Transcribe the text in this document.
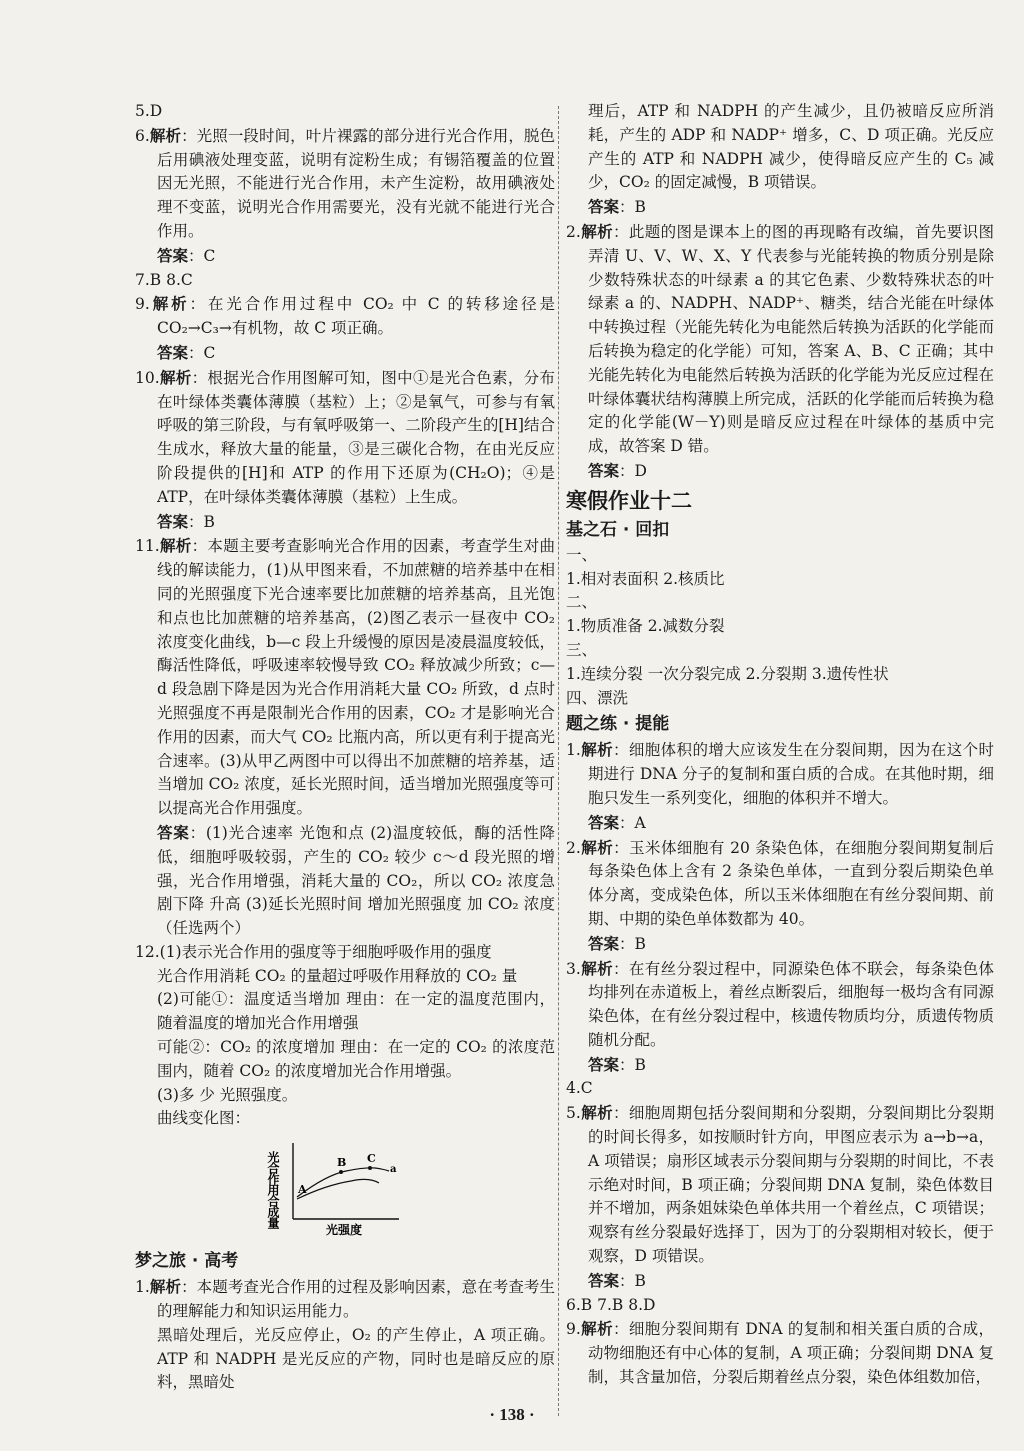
5.D

6.解析：光照一段时间，叶片裸露的部分进行光合作用，脱色后用碘液处理变蓝，说明有淀粉生成；有锡箔覆盖的位置因无光照，不能进行光合作用，未产生淀粉，故用碘液处理不变蓝，说明光合作用需要光，没有光就不能进行光合作用。

答案：C

7.B 8.C

9.解析：在光合作用过程中 CO₂ 中 C 的转移途径是 CO₂→C₃→有机物，故 C 项正确。

答案：C

10.解析：根据光合作用图解可知，图中①是光合色素，分布在叶绿体类囊体薄膜（基粒）上；②是氧气，可参与有氧呼吸的第三阶段，与有氧呼吸第一、二阶段产生的[H]结合生成水，释放大量的能量，③是三碳化合物，在由光反应阶段提供的[H]和 ATP 的作用下还原为(CH₂O)；④是 ATP，在叶绿体类囊体薄膜（基粒）上生成。

答案：B

11.解析：本题主要考查影响光合作用的因素，考查学生对曲线的解读能力，(1)从甲图来看，不加蔗糖的培养基中在相同的光照强度下光合速率要比加蔗糖的培养基高，且光饱和点也比加蔗糖的培养基高，(2)图乙表示一昼夜中 CO₂ 浓度变化曲线，b—c 段上升缓慢的原因是凌晨温度较低，酶活性降低，呼吸速率较慢导致 CO₂ 释放减少所致；c—d 段急剧下降是因为光合作用消耗大量 CO₂ 所致，d 点时光照强度不再是限制光合作用的因素，CO₂ 才是影响光合作用的因素，而大气 CO₂ 比瓶内高，所以更有利于提高光合速率。(3)从甲乙两图中可以得出不加蔗糖的培养基，适当增加 CO₂ 浓度，延长光照时间，适当增加光照强度等可以提高光合作用强度。

答案：(1)光合速率 光饱和点 (2)温度较低，酶的活性降低，细胞呼吸较弱，产生的 CO₂ 较少 c～d 段光照的增强，光合作用增强，消耗大量的 CO₂，所以 CO₂ 浓度急剧下降 升高 (3)延长光照时间 增加光照强度 加 CO₂ 浓度（任选两个）

12.(1)表示光合作用的强度等于细胞呼吸作用的强度

光合作用消耗 CO₂ 的量超过呼吸作用释放的 CO₂ 量

(2)可能①：温度适当增加 理由：在一定的温度范围内，随着温度的增加光合作用增强

可能②：CO₂ 的浓度增加 理由：在一定的 CO₂ 的浓度范围内，随着 CO₂ 的浓度增加光合作用增强。

(3)多 少 光照强度。

曲线变化图：

光合作用合成量 A
B C
a
光强度

梦之旅 · 高考

1.解析：本题考查光合作用的过程及影响因素，意在考查考生的理解能力和知识运用能力。

黑暗处理后，光反应停止，O₂ 的产生停止，A 项正确。ATP 和 NADPH 是光反应的产物，同时也是暗反应的原料，黑暗处

理后，ATP 和 NADPH 的产生减少，且仍被暗反应所消耗，产生的 ADP 和 NADP⁺ 增多，C、D 项正确。光反应产生的 ATP 和 NADPH 减少，使得暗反应产生的 C₅ 减少，CO₂ 的固定减慢，B 项错误。

答案：B

2.解析：此题的图是课本上的图的再现略有改编，首先要识图弄清 U、V、W、X、Y 代表参与光能转换的物质分别是除少数特殊状态的叶绿素 a 的其它色素、少数特殊状态的叶绿素 a 的、NADPH、NADP⁺、糖类，结合光能在叶绿体中转换过程（光能先转化为电能然后转换为活跃的化学能而后转换为稳定的化学能）可知，答案 A、B、C 正确；其中光能先转化为电能然后转换为活跃的化学能为光反应过程在叶绿体囊状结构薄膜上所完成，活跃的化学能而后转换为稳定的化学能(W－Y)则是暗反应过程在叶绿体的基质中完成，故答案 D 错。

答案：D

寒假作业十二

基之石 · 回扣

一、

1.相对表面积 2.核质比

二、

1.物质准备 2.减数分裂

三、

1.连续分裂 一次分裂完成 2.分裂期 3.遗传性状

四、漂洗

题之练 · 提能

1.解析：细胞体积的增大应该发生在分裂间期，因为在这个时期进行 DNA 分子的复制和蛋白质的合成。在其他时期，细胞只发生一系列变化，细胞的体积并不增大。

答案：A

2.解析：玉米体细胞有 20 条染色体，在细胞分裂间期复制后每条染色体上含有 2 条染色单体，一直到分裂后期染色单体分离，变成染色体，所以玉米体细胞在有丝分裂间期、前期、中期的染色单体数都为 40。

答案：B

3.解析：在有丝分裂过程中，同源染色体不联会，每条染色体均排列在赤道板上，着丝点断裂后，细胞每一极均含有同源染色体，在有丝分裂过程中，核遗传物质均分，质遗传物质随机分配。

答案：B

4.C

5.解析：细胞周期包括分裂间期和分裂期，分裂间期比分裂期的时间长得多，如按顺时针方向，甲图应表示为 a→b→a，A 项错误；扇形区域表示分裂间期与分裂期的时间比，不表示绝对时间，B 项正确；分裂间期 DNA 复制，染色体数目并不增加，两条姐妹染色单体共用一个着丝点，C 项错误；观察有丝分裂最好选择丁，因为丁的分裂期相对较长，便于观察，D 项错误。

答案：B

6.B 7.B 8.D

9.解析：细胞分裂间期有 DNA 的复制和相关蛋白质的合成，动物细胞还有中心体的复制，A 项正确；分裂间期 DNA 复制，其含量加倍，分裂后期着丝点分裂，染色体组数加倍，

· 138 ·
